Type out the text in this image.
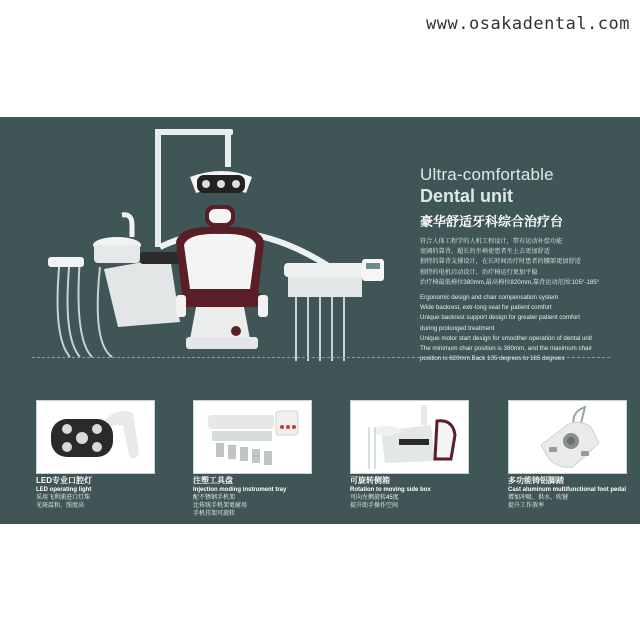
www.osakadental.com
Ultra-comfortable
Dental unit
豪华舒适牙科综合治疗台
符合人体工程学的人机工程设计，带有运动补偿功能
宽阔的靠背，超长的坐椅使患者坐上去更加舒适
独特的靠背支撑设计，在长时间治疗时患者的腰部更加舒适
独特的电机启动设计，治疗椅运行更加平稳
治疗椅最低椅位380mm,最高椅位820mm,靠背运动范围:105°-185°
Ergonomic design and chair compensation system
Wide backrest, extr-long seat for patient comfort
Unique backrest support design for greater patient comfort
during prolonged treatment
Unique motor start design for smoother operation of dental unit
The minimum chair position is 380mm, and the maximum chair
position is 820mm.Back 105 degrees to 185 degrees
LED专业口腔灯
LED operating light
采用飞利浦进口灯珠
光斑温和、照度高
注塑工具盘
Injection moding instrument tray
配不锈钢手机架
比传统手机架更耐用
手机挂架可旋转
可旋转侧箱
Rotation to moving side box
可向左侧旋转45度
提升助手操作空间
多功能铸铝脚踏
Cast aluminum multifunctional foot pedal
增加冲吸、供水、吹键
提升工作效率
